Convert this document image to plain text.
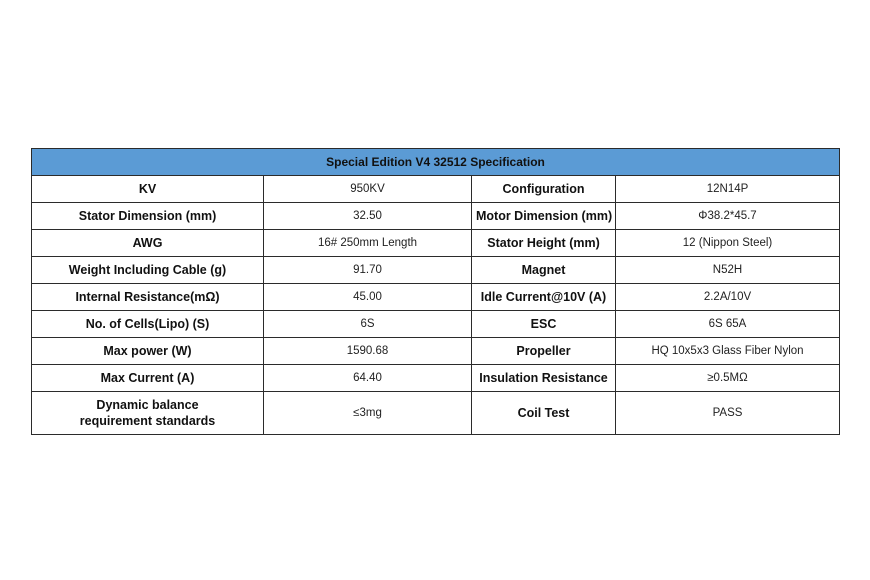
Special Edition V4 32512 Specification			
KV	950KV	Configuration	12N14P
Stator Dimension (mm)	32.50	Motor Dimension (mm)	Φ38.2*45.7
AWG	16# 250mm Length	Stator Height (mm)	12 (Nippon Steel)
Weight Including Cable (g)	91.70	Magnet	N52H
Internal Resistance(mΩ)	45.00	Idle Current@10V (A)	2.2A/10V
No. of Cells(Lipo) (S)	6S	ESC	6S 65A
Max power (W)	1590.68	Propeller	HQ 10x5x3 Glass Fiber Nylon
Max Current (A)	64.40	Insulation Resistance	≥0.5MΩ
Dynamic balance
requirement standards	≤3mg	Coil Test	PASS
